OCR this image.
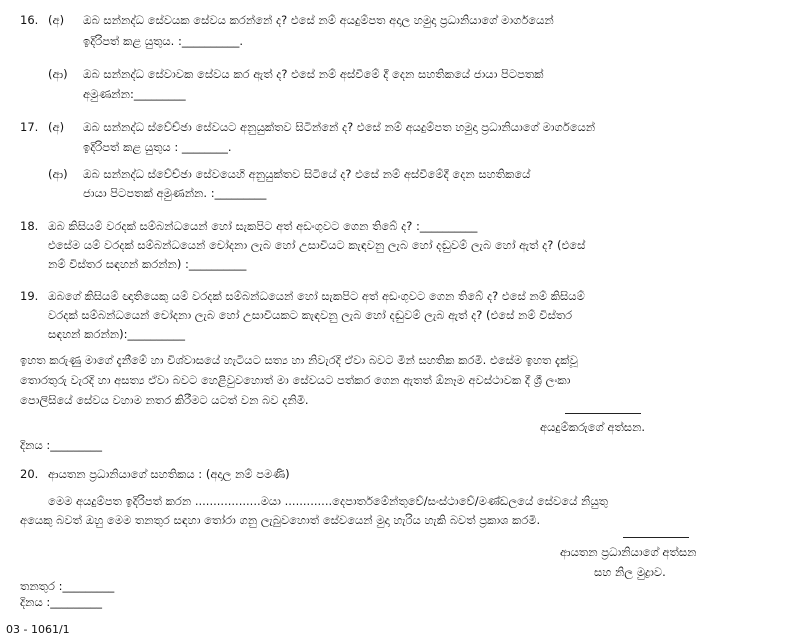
16. (අ) ඔබ සන්නද්ධ සේවයක සේවය කරන්නේ ද? එසේ නම් අයදුම්පත අදාල හමුදා ප්‍රධානියාගේ මාර්ගයෙන්
ඉදිරිපත් කළ යුතුය. :__________.
(ආ) ඔබ සන්නද්ධ සේවාවක සේවය කර ඇත් ද? එසේ නම් අස්වීමේ දී දෙන සහතිකයේ ජායා පිටපතක්
අමුණන්න:_________
17. (අ) ඔබ සන්නද්ධ ස්වේච්ඡා සේවයට අනුයුක්තව සිටින්නේ ද? එසේ නම් අයදුම්පත හමුදා ප්‍රධානියාගේ මාර්ගයෙන්
ඉදිරිපත් කළ යුතුය : ________.
(ආ) ඔබ සන්නද්ධ ස්වේච්ඡා සේවයෙහි අනුයුක්තව සිටියේ ද? එසේ නම් අස්වීමේදී දෙන සහතිකයේ
ජායා පිටපතක් අමුණන්න. :_________
18. ඔබ කිසියම් වරදක් සම්බන්ධයෙන් හෝ සැකපිට අත් අඩංගුවට ගෙන තිබේ ද? :__________
එසේම යම් වරදක් සම්බන්ධයෙන් චෝදනා ලැබ හෝ උසාවියට කැඳවනු ලැබ හෝ දඬුවම් ලැබ හෝ ඇත් ද? (එසේ
නම් විස්තර සඳහන් කරන්න) :__________
19. ඔබගේ කිසියම් ඥාතියෙකු යම් වරදක් සම්බන්ධයෙන් හෝ සැකපිට අත් අඩංගුවට ගෙන තිබේ ද? එසේ නම් කිසියම්
වරදක් සම්බන්ධයෙන් චෝදනා ලැබ හෝ උසාවියකට කැඳවනු ලැබ හෝ දඬුවම් ලැබ ඇත් ද? (එසේ නම් විස්තර
සඳහන් කරන්න):__________
ඉහත කරුණු මාගේ දැනීමේ හා විශ්වාසයේ හැටියට සත්‍ය හා නිවැරදි ඒවා බවට මින් සහතික කරමි. එසේම ඉහත දැක්වූ
තොරතුරු වැරදි හා අසත්‍ය ඒවා බවට හෙළිවුවහොත් මා සේවයට පත්කර ගෙන ඇතත් ඕනෑම අවස්ථාවක දී ශ්‍රී ලංකා
පොලිසියේ සේවය වහාම නතර කිරීමට යටත් වන බව දනිමි.
අයදුම්කරුගේ අත්සන.
දිනය :_________
20. ආයතන ප්‍රධානියාගේ සහතිකය : (අදාල නම් පමණි)
මෙම අයදුම්පත ඉදිරිපත් කරන ..................මයා .............දෙපාර්තමේන්තුවේ/සංස්ථාවේ/මණ්ඩලයේ සේවයේ නියුතු
අයෙකු බවත් ඔහු මෙම තනතුර සඳහා තෝරා ගනු ලැබුවහොත් සේවයෙන් මුදා හැරිය හැකි බවත් ප්‍රකාශ කරමි.
ආයතන ප්‍රධානියාගේ අත්සන
සහ නිල මුද්‍රාව.
තනතුර :_________
දිනය :_________
03 - 1061/1
